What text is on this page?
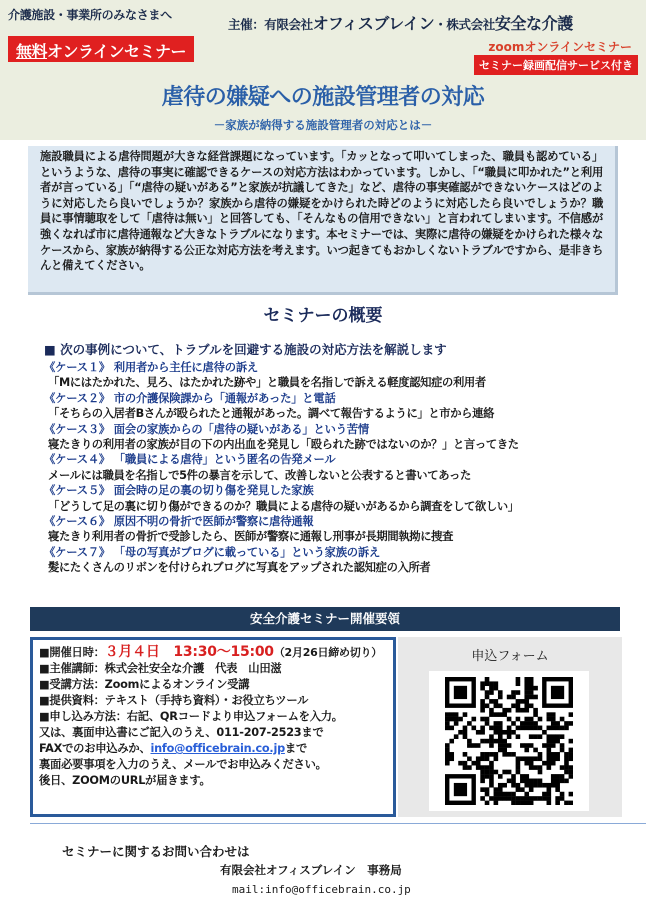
介護施設・事業所のみなさまへ
無料オンラインセミナー
主催：有限会社オフィスブレイン・株式会社安全な介護
zoomオンラインセミナー
セミナー録画配信サービス付き
虐待の嫌疑への施設管理者の対応
－家族が納得する施設管理者の対応とは－

施設職員による虐待問題が大きな経営課題になっています。「カッとなって叩いてしまった、職員も認めている」というような、虐待の事実に確認できるケースの対応方法はわかっています。しかし、「“職員に叩かれた”と利用者が言っている」「“虐待の疑いがある”と家族が抗議してきた」など、虐待の事実確認ができないケースはどのように対応したら良いでしょうか？家族から虐待の嫌疑をかけられた時どのように対応したら良いでしょうか？職員に事情聴取をして「虐待は無い」と回答しても、「そんなもの信用できない」と言われてしまいます。不信感が強くなれば市に虐待通報など大きなトラブルになります。本セミナーでは、実際に虐待の嫌疑をかけられた様々なケースから、家族が納得する公正な対応方法を考えます。いつ起きてもおかしくないトラブルですから、是非きちんと備えてください。

セミナーの概要
■ 次の事例について、トラブルを回避する施設の対応方法を解説します
《ケース１》 利用者から主任に虐待の訴え
「Mにはたかれた、見ろ、はたかれた跡や」と職員を名指しで訴える軽度認知症の利用者
《ケース２》 市の介護保険課から「通報があった」と電話
「そちらの入居者Bさんが殴られたと通報があった。調べて報告するように」と市から連絡
《ケース３》 面会の家族からの「虐待の疑いがある」という苦情
寝たきりの利用者の家族が目の下の内出血を発見し「殴られた跡ではないのか？」と言ってきた
《ケース４》 「職員による虐待」という匿名の告発メール
メールには職員を名指しで5件の暴言を示して、改善しないと公表すると書いてあった
《ケース５》 面会時の足の裏の切り傷を発見した家族
「どうして足の裏に切り傷ができるのか？職員による虐待の疑いがあるから調査をして欲しい」
《ケース６》 原因不明の骨折で医師が警察に虐待通報
寝たきり利用者の骨折で受診したら、医師が警察に通報し刑事が長期間執拗に捜査
《ケース７》 「母の写真がブログに載っている」という家族の訴え
髪にたくさんのリボンを付けられブログに写真をアップされた認知症の入所者
安全介護セミナー開催要領
■開催日時：３月４日　13:30～15:00（2月26日締め切り）
■主催講師：株式会社安全な介護　代表　山田滋
■受講方法：Zoomによるオンライン受講
■提供資料：テキスト（手持ち資料）・お役立ちツール
■申し込み方法：右記、QRコードより申込フォームを入力。
又は、裏面申込書にご記入のうえ、011-207-2523まで
FAXでのお申込みか、info@officebrain.co.jpまで
裏面必要事項を入力のうえ、メールでお申込みください。
後日、ZOOMのURLが届きます。
申込フォーム
セミナーに関するお問い合わせは
有限会社オフィスブレイン　事務局
mail:info@officebrain.co.jp
